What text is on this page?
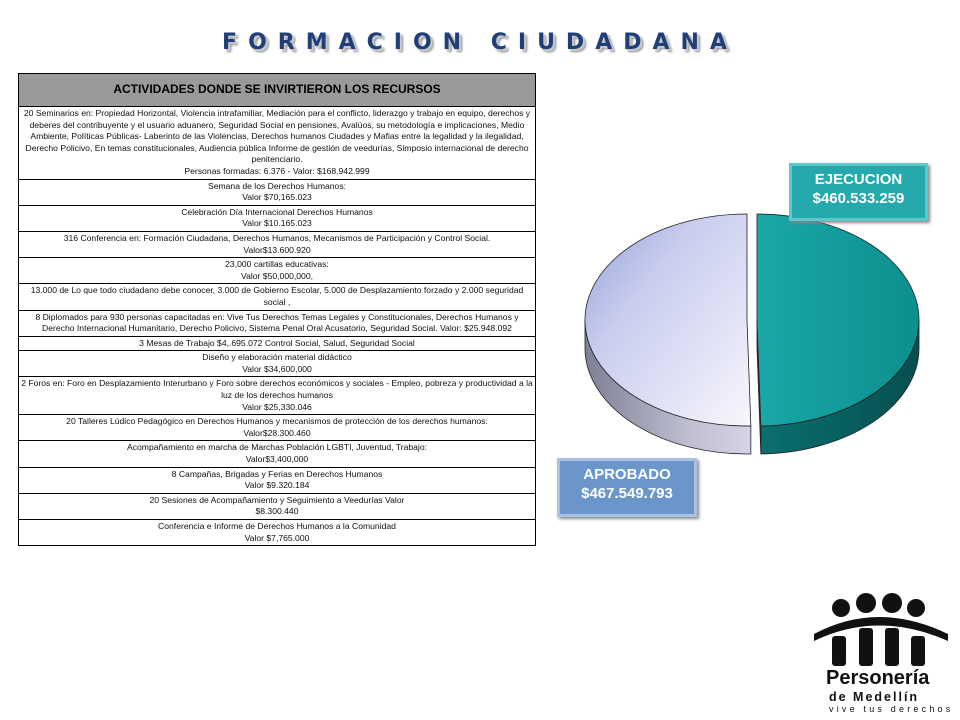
FORMACION CIUDADANA
ACTIVIDADES DONDE SE INVIRTIERON LOS RECURSOS

20 Seminarios en: Propiedad Horizontal, Violencia intrafamiliar, Mediación para el conflicto, liderazgo y trabajo en equipo, derechos y deberes del contribuyente y el usuario aduanero, Seguridad Social en pensiones, Avalúos, su metodología e implicaciones, Medio Ambiente, Políticas Públicas- Laberinto de las Violencias, Derechos humanos Ciudades y Mafias entre la legalidad y la ilegalidad, Derecho Policivo, En temas constitucionales, Audiencia pública Informe de gestión de veedurías, Simposio internacional de derecho penitenciario.
Personas formadas: 6.376 - Valor: $168.942.999

Semana de los Derechos Humanos:
Valor $70,165.023

Celebración Día Internacional Derechos Humanos
Valor $10.165.023

316 Conferencia en: Formación Ciudadana, Derechos Humanos, Mecanismos de Participación y Control Social.
Valor$13.600.920

23,000 cartillas educativas:
Valor $50,000,000,

13.000 de Lo que todo ciudadano debe conocer, 3.000 de Gobierno Escolar, 5.000 de Desplazamiento forzado y 2.000 seguridad social ,

8 Diplomados para 930 personas capacitadas en: Vive Tus Derechos Temas Legales y Constitucionales, Derechos Humanos y Derecho Internacional Humanitario, Derecho Policivo, Sistema Penal Oral Acusatorio, Seguridad Social. Valor: $25.948.092

3 Mesas de Trabajo $4,.695.072 Control Social, Salud, Seguridad Social

Diseño y elaboración material didáctico
Valor $34,600,000

2 Foros en: Foro en Desplazamiento Interurbano y Foro sobre derechos económicos y sociales - Empleo, pobreza y productividad a la luz de los derechos humanos
Valor $25,330.046

20 Talleres Lúdico Pedagógico en Derechos Humanos y mecanismos de protección de los derechos humanos:
Valor$28.300.460

Acompañamiento en marcha de Marchas Población LGBTI, Juventud, Trabajo:
Valor$3,400,000

8 Campañas, Brigadas y Ferias en Derechos Humanos
Valor $9.320.184

20 Sesiones de Acompañamiento y Seguimiento a Veedurías Valor
$8.300.440

Conferencia e Informe de Derechos Humanos a la Comunidad
Valor $7,765.000
EJECUCION
$460.533.259
APROBADO
$467.549.793
Personería
de Medellín
vive tus derechos
